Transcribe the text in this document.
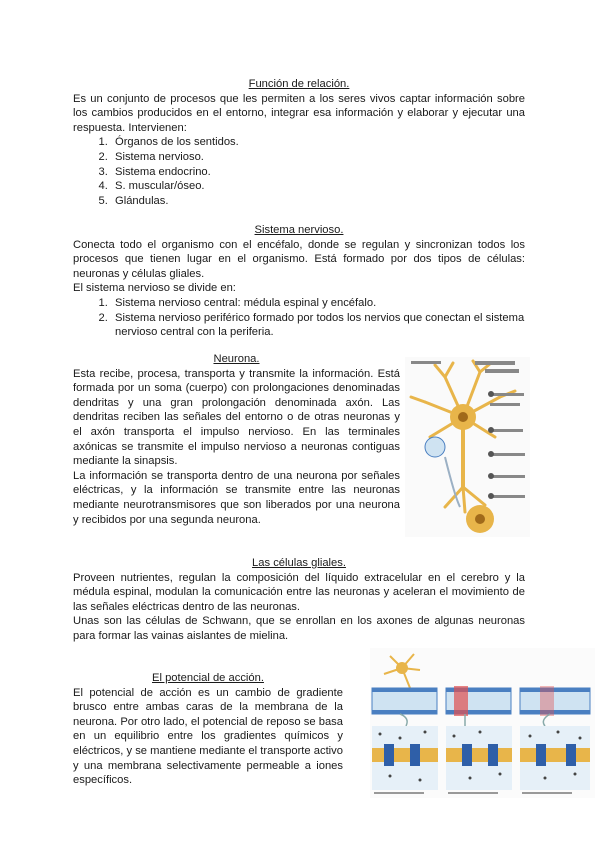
Función de relación.

Es un conjunto de procesos que les permiten a los seres vivos captar información sobre los cambios producidos en el entorno, integrar esa información y elaborar y ejecutar una respuesta. Intervienen:

1. Órganos de los sentidos.
2. Sistema nervioso.
3. Sistema endocrino.
4. S. muscular/óseo.
5. Glándulas.

Sistema nervioso.

Conecta todo el organismo con el encéfalo, donde se regulan y sincronizan todos los procesos que tienen lugar en el organismo. Está formado por dos tipos de células: neuronas y células gliales.

El sistema nervioso se divide en:

1. Sistema nervioso central: médula espinal y encéfalo.
2. Sistema nervioso periférico formado por todos los nervios que conectan el sistema nervioso central con la periferia.

Neurona.

Esta recibe, procesa, transporta y transmite la información. Está formada por un soma (cuerpo) con prolongaciones denominadas dendritas y una gran prolongación denominada axón. Las dendritas reciben las señales del entorno o de otras neuronas y el axón transporta el impulso nervioso. En las terminales axónicas se transmite el impulso nervioso a neuronas contiguas mediante la sinapsis.

La información se transporta dentro de una neurona por señales eléctricas, y la información se transmite entre las neuronas mediante neurotransmisores que son liberados por una neurona y recibidos por una segunda neurona.

Las células gliales.

Proveen nutrientes, regulan la composición del líquido extracelular en el cerebro y la médula espinal, modulan la comunicación entre las neuronas y aceleran el movimiento de las señales eléctricas dentro de las neuronas.

Unas son las células de Schwann, que se enrollan en los axones de algunas neuronas para formar las vainas aislantes de mielina.

El potencial de acción.

El potencial de acción es un cambio de gradiente brusco entre ambas caras de la membrana de la neurona. Por otro lado, el potencial de reposo se basa en un equilibrio entre los gradientes químicos y eléctricos, y se mantiene mediante el transporte activo y una membrana selectivamente permeable a iones específicos.
